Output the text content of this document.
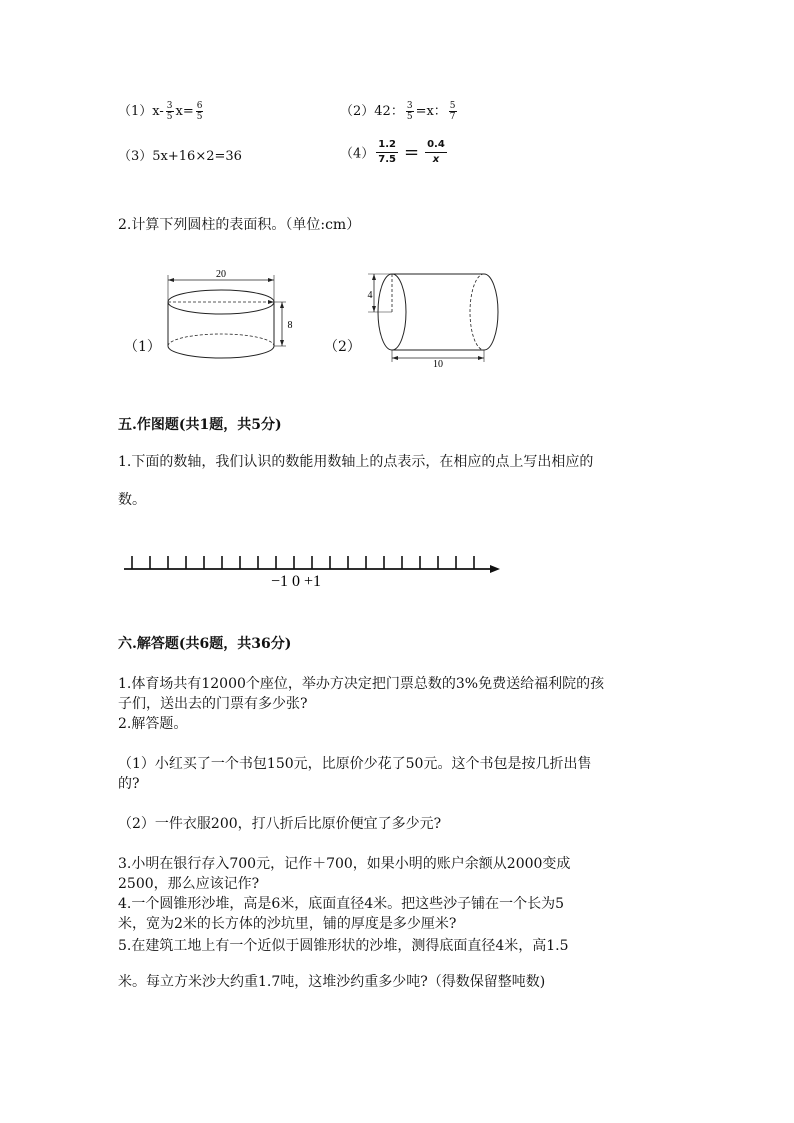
$(1)x- \frac{3}{5} x= \frac{6}{5}$	（2）42： $\frac{3}{5} =x$： $\frac{5}{7}$
（3）5x+16×2=36	$(4) \frac{1.2}{7.5} = \frac{0.4}{x}$
2.计算下列圆柱的表面积。（单位:cm）
（1）
20
8
（2）
4
10
五.作图题(共1题，共5分)
1.下面的数轴，我们认识的数能用数轴上的点表示，在相应的点上写出相应的
数。
−1 0 +1
六.解答题(共6题，共36分)
1.体育场共有12000个座位，举办方决定把门票总数的3%免费送给福利院的孩
子们，送出去的门票有多少张?
2.解答题。
（1）小红买了一个书包150元，比原价少花了50元。这个书包是按几折出售
的?
（2）一件衣服200，打八折后比原价便宜了多少元?
3.小明在银行存入700元，记作＋700，如果小明的账户余额从2000变成
2500，那么应该记作?
4.一个圆锥形沙堆，高是6米，底面直径4米。把这些沙子铺在一个长为5
米，宽为2米的长方体的沙坑里，铺的厚度是多少厘米?
5.在建筑工地上有一个近似于圆锥形状的沙堆，测得底面直径4米，高1.5
米。每立方米沙大约重1.7吨，这堆沙约重多少吨?（得数保留整吨数)
